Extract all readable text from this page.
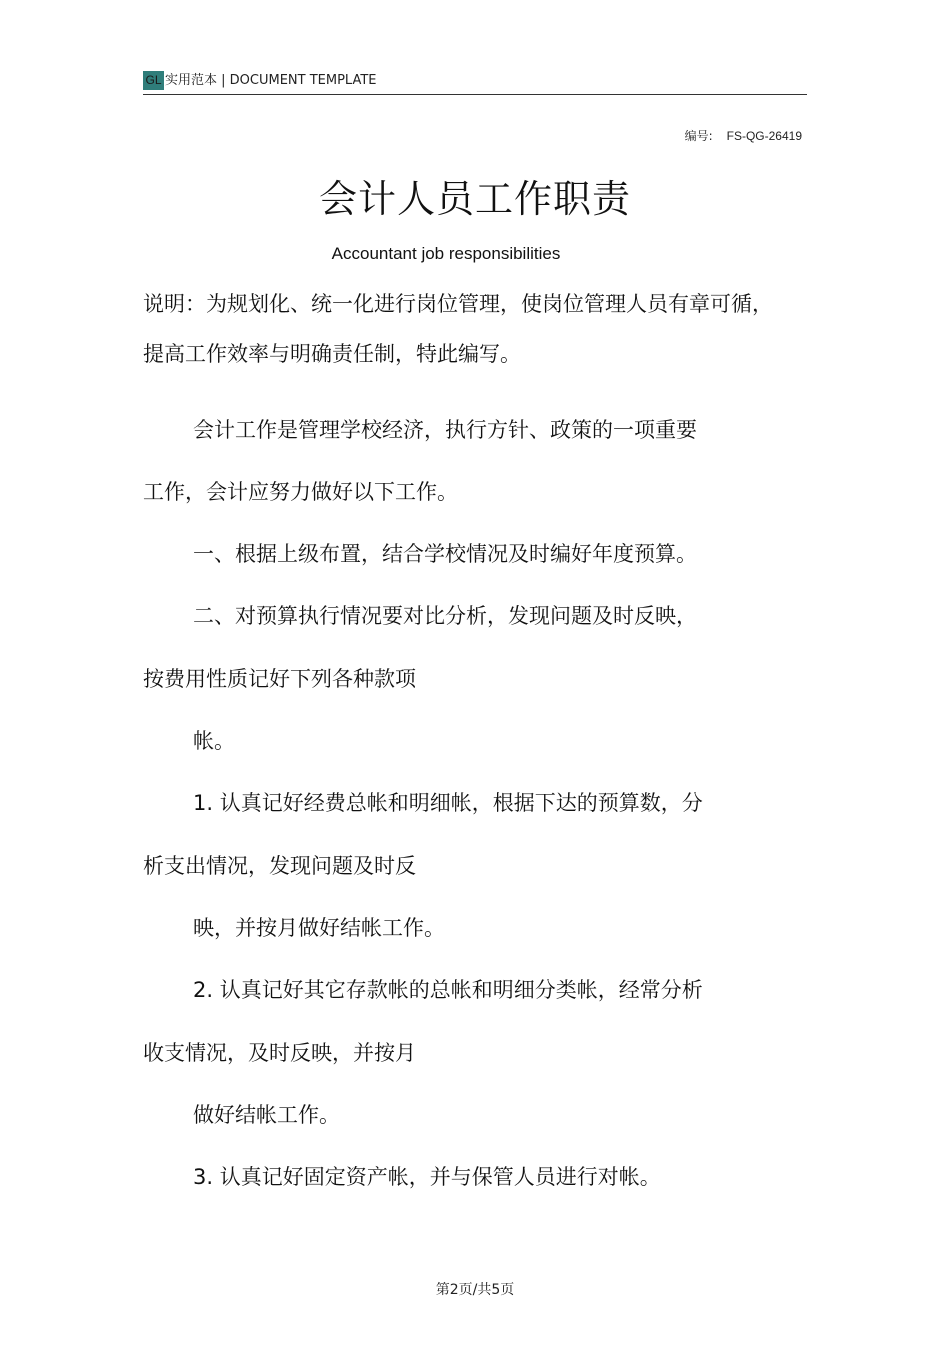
GL 实用范本 | DOCUMENT TEMPLATE
编号: FS-QG-26419
会计人员工作职责
Accountant job responsibilities
说明：为规划化、统一化进行岗位管理，使岗位管理人员有章可循，
提高工作效率与明确责任制，特此编写。
会计工作是管理学校经济，执行方针、政策的一项重要
工作，会计应努力做好以下工作。
一、根据上级布置，结合学校情况及时编好年度预算。
二、对预算执行情况要对比分析，发现问题及时反映，
按费用性质记好下列各种款项
帐。
1. 认真记好经费总帐和明细帐，根据下达的预算数，分
析支出情况，发现问题及时反
映，并按月做好结帐工作。
2. 认真记好其它存款帐的总帐和明细分类帐，经常分析
收支情况，及时反映，并按月
做好结帐工作。
3. 认真记好固定资产帐，并与保管人员进行对帐。
第2页/共5页
